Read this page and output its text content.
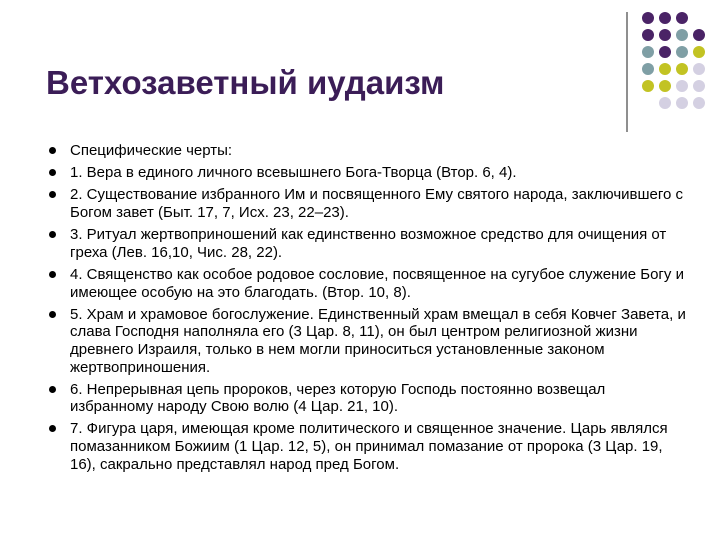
Ветхозаветный иудаизм
Специфические черты:
1. Вера в единого личного всевышнего Бога-Творца (Втор. 6, 4).
2. Существование избранного Им и посвященного Ему святого народа, заключившего с Богом завет (Быт. 17, 7, Исх. 23, 22–23).
3. Ритуал жертвоприношений как единственно возможное средство для очищения от греха (Лев. 16,10, Чис. 28, 22).
4. Священство как особое родовое сословие, посвященное на сугубое служение Богу и имеющее особую на это благодать. (Втор. 10, 8).
5. Храм и храмовое богослужение. Единственный храм вмещал в себя Ковчег Завета, и слава Господня наполняла его (3 Цар. 8, 11), он был центром религиозной жизни древнего Израиля, только в нем могли приноситься установленные законом жертвоприношения.
6. Непрерывная цепь пророков, через которую Господь постоянно возвещал избранному народу Свою волю (4 Цар. 21, 10).
7. Фигура царя, имеющая кроме политического и священное значение. Царь являлся помазанником Божиим (1 Цар. 12, 5), он принимал помазание от пророка (3 Цар. 19, 16), сакрально представлял народ пред Богом.
